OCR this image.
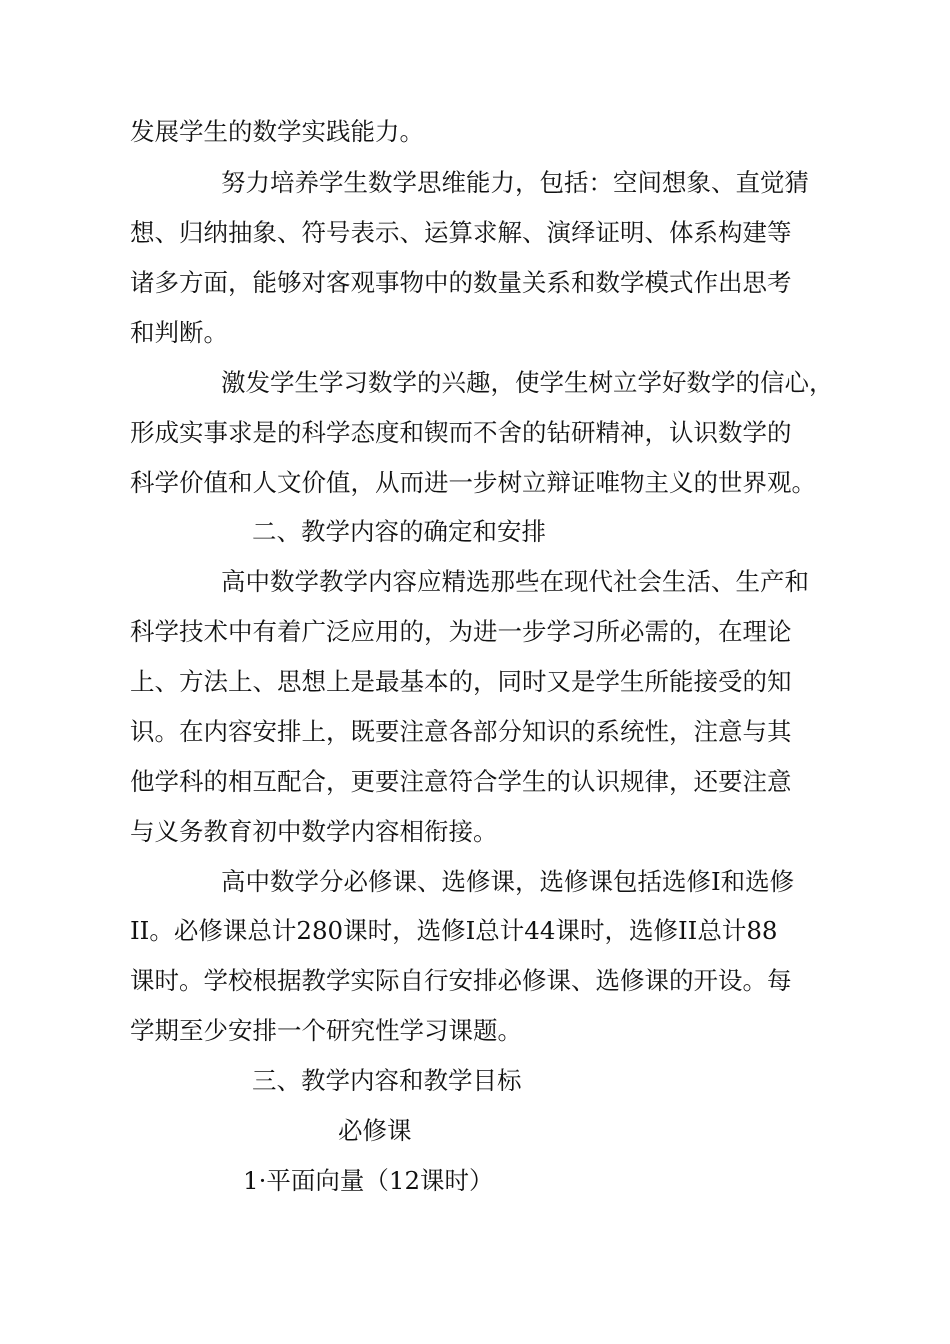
发展学生的数学实践能力。
努力培养学生数学思维能力，包括：空间想象、直觉猜
想、归纳抽象、符号表示、运算求解、演绎证明、体系构建等
诸多方面，能够对客观事物中的数量关系和数学模式作出思考
和判断。
激发学生学习数学的兴趣，使学生树立学好数学的信心，
形成实事求是的科学态度和锲而不舍的钻研精神，认识数学的
科学价值和人文价值，从而进一步树立辩证唯物主义的世界观。
二、教学内容的确定和安排
高中数学教学内容应精选那些在现代社会生活、生产和
科学技术中有着广泛应用的，为进一步学习所必需的，在理论
上、方法上、思想上是最基本的，同时又是学生所能接受的知
识。在内容安排上，既要注意各部分知识的系统性，注意与其
他学科的相互配合，更要注意符合学生的认识规律，还要注意
与义务教育初中数学内容相衔接。
高中数学分必修课、选修课，选修课包括选修Ⅰ和选修
II。必修课总计280课时，选修Ⅰ总计44课时，选修II总计88
课时。学校根据教学实际自行安排必修课、选修课的开设。每
学期至少安排一个研究性学习课题。
三、教学内容和教学目标
必修课
1·平面向量（12课时）
